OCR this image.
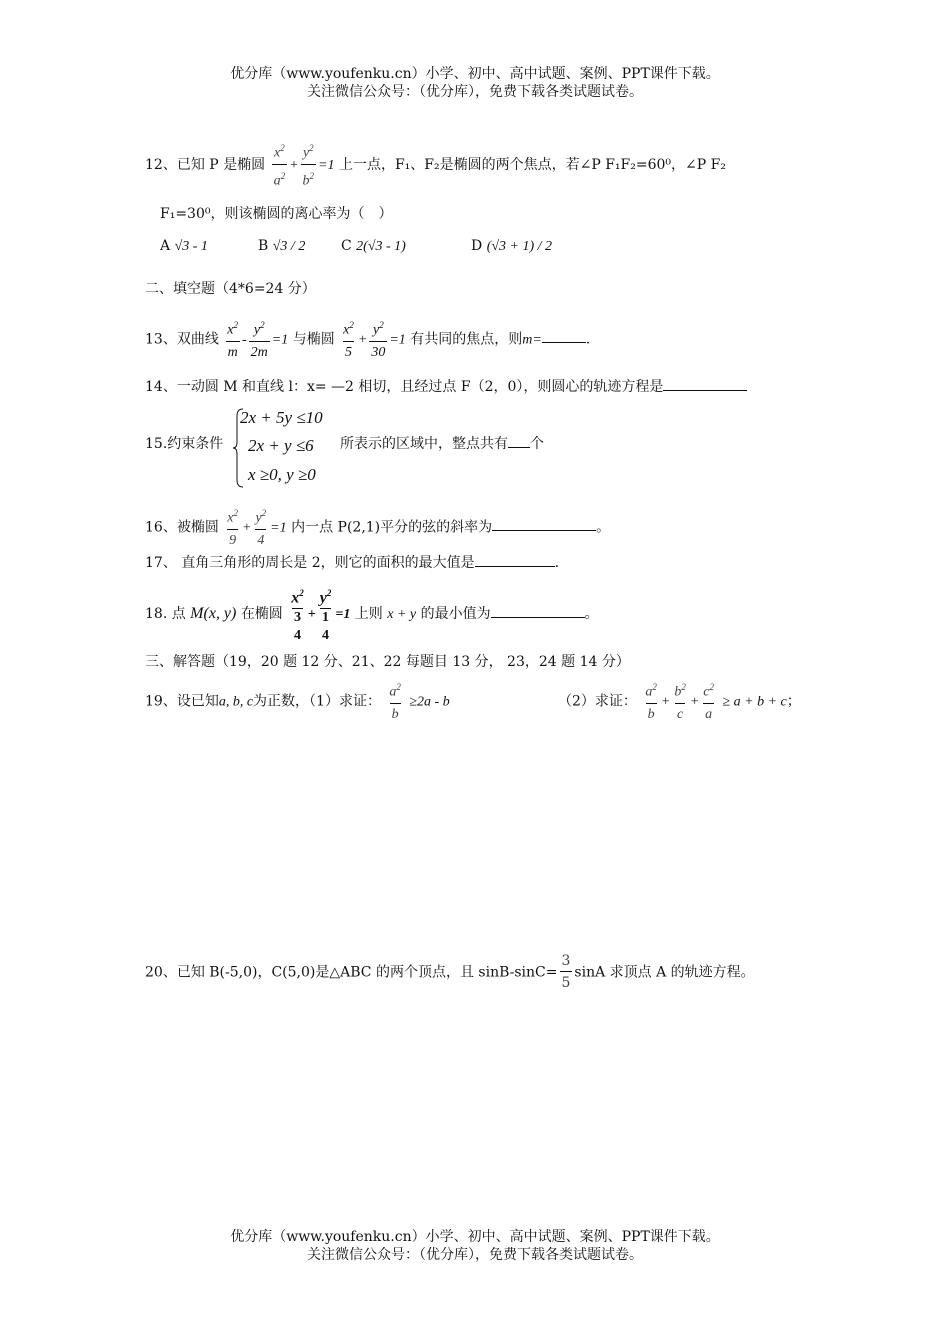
优分库（www.youfenku.cn）小学、初中、高中试题、案例、PPT课件下载。
关注微信公众号：（优分库），免费下载各类试题试卷。
12、已知 P 是椭圆 $\frac{x^2}{a^2} + \frac{y^2}{b^2} =1$ 上一点，F₁、F₂是椭圆的两个焦点，若∠P F₁F₂=60⁰，∠P F₂
F₁=30⁰，则该椭圆的离心率为（　）
A √3 - 1	B √3 / 2	C 2(√3 - 1)	D (√3 + 1) / 2
二、填空题（4*6=24 分）
13、双曲线 $\frac{x^2}{m} - \frac{y^2}{2m} =1$ 与椭圆 $\frac{x^2}{5} + \frac{y^2}{30} =1$ 有共同的焦点，则m=	.
14、一动圆 M 和直线 l：x= —2 相切，且经过点 F（2，0），则圆心的轨迹方程是
15.约束条件
2x + 5y ≤10
2x + y ≤6
x ≥0, y ≥0
所表示的区域中，整点共有 个
16、被椭圆 $\frac{x^2}{9} + \frac{y^2}{4} =1$ 内一点 P(2,1)平分的弦的斜率为	。
17、 直角三角形的周长是 2，则它的面积的最大值是	.
18. 点 M(x, y) 在椭圆
$x^2$
3
4
+
$y^2$
1
4
=1 上则 x + y 的最小值为	。
三、解答题（19，20 题 12 分、21、22 每题目 13 分， 23，24 题 14 分）
19、设已知a, b, c为正数，（1）求证： $\frac{a^2}{b} \ge 2a - b$	（2）求证： $\frac{a^2}{b} + \frac{b^2}{c} + \frac{c^2}{a} \ge a + b + c$；
20、已知 B(-5,0)，C(5,0)是△ABC 的两个顶点，且 $\sin B-\sin C= \frac{3}{5}$ sinA 求顶点 A 的轨迹方程。
优分库（www.youfenku.cn）小学、初中、高中试题、案例、PPT课件下载。
关注微信公众号：（优分库），免费下载各类试题试卷。
